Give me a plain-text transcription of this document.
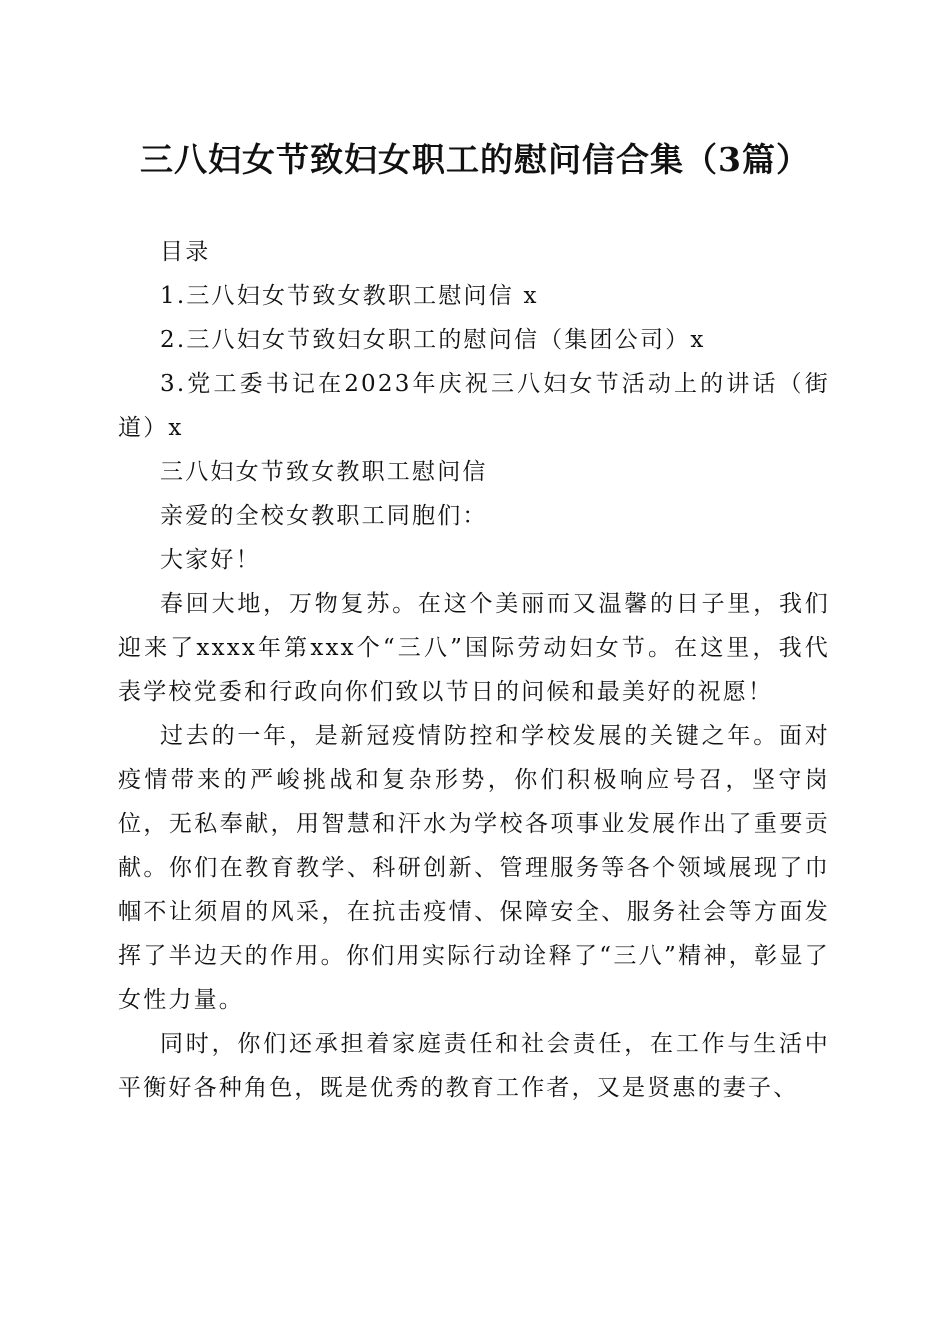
三八妇女节致妇女职工的慰问信合集（3篇）

目录

1.三八妇女节致女教职工慰问信 x

2.三八妇女节致妇女职工的慰问信（集团公司）x

3.党工委书记在2023年庆祝三八妇女节活动上的讲话（街道）x

三八妇女节致女教职工慰问信

亲爱的全校女教职工同胞们：

大家好！

春回大地，万物复苏。在这个美丽而又温馨的日子里，我们迎来了xxxx年第xxx个“三八”国际劳动妇女节。在这里，我代表学校党委和行政向你们致以节日的问候和最美好的祝愿！

过去的一年，是新冠疫情防控和学校发展的关键之年。面对疫情带来的严峻挑战和复杂形势，你们积极响应号召，坚守岗位，无私奉献，用智慧和汗水为学校各项事业发展作出了重要贡献。你们在教育教学、科研创新、管理服务等各个领域展现了巾帼不让须眉的风采，在抗击疫情、保障安全、服务社会等方面发挥了半边天的作用。你们用实际行动诠释了“三八”精神，彰显了女性力量。

同时，你们还承担着家庭责任和社会责任，在工作与生活中平衡好各种角色，既是优秀的教育工作者，又是贤惠的妻子、
